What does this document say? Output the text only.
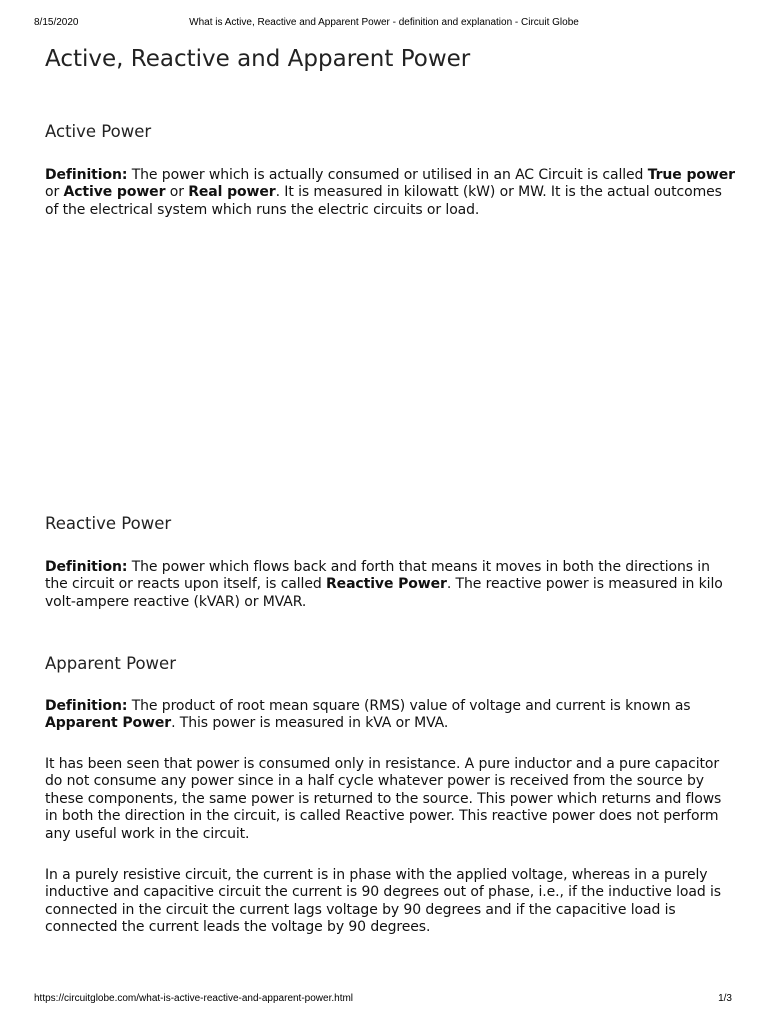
What is Active, Reactive and Apparent Power - definition and explanation - Circuit Globe
8/15/2020
Active, Reactive and Apparent Power
Active Power

Definition: The power which is actually consumed or utilised in an AC Circuit is called True power or Active power or Real power. It is measured in kilowatt (kW) or MW. It is the actual outcomes of the electrical system which runs the electric circuits or load.

Reactive Power

Definition: The power which flows back and forth that means it moves in both the directions in the circuit or reacts upon itself, is called Reactive Power. The reactive power is measured in kilo volt-ampere reactive (kVAR) or MVAR.

Apparent Power

Definition: The product of root mean square (RMS) value of voltage and current is known as Apparent Power. This power is measured in kVA or MVA.

It has been seen that power is consumed only in resistance. A pure inductor and a pure capacitor do not consume any power since in a half cycle whatever power is received from the source by these components, the same power is returned to the source. This power which returns and flows in both the direction in the circuit, is called Reactive power. This reactive power does not perform any useful work in the circuit.

In a purely resistive circuit, the current is in phase with the applied voltage, whereas in a purely inductive and capacitive circuit the current is 90 degrees out of phase, i.e., if the inductive load is connected in the circuit the current lags voltage by 90 degrees and if the capacitive load is connected the current leads the voltage by 90 degrees.

https://circuitglobe.com/what-is-active-reactive-and-apparent-power.html	1/3
